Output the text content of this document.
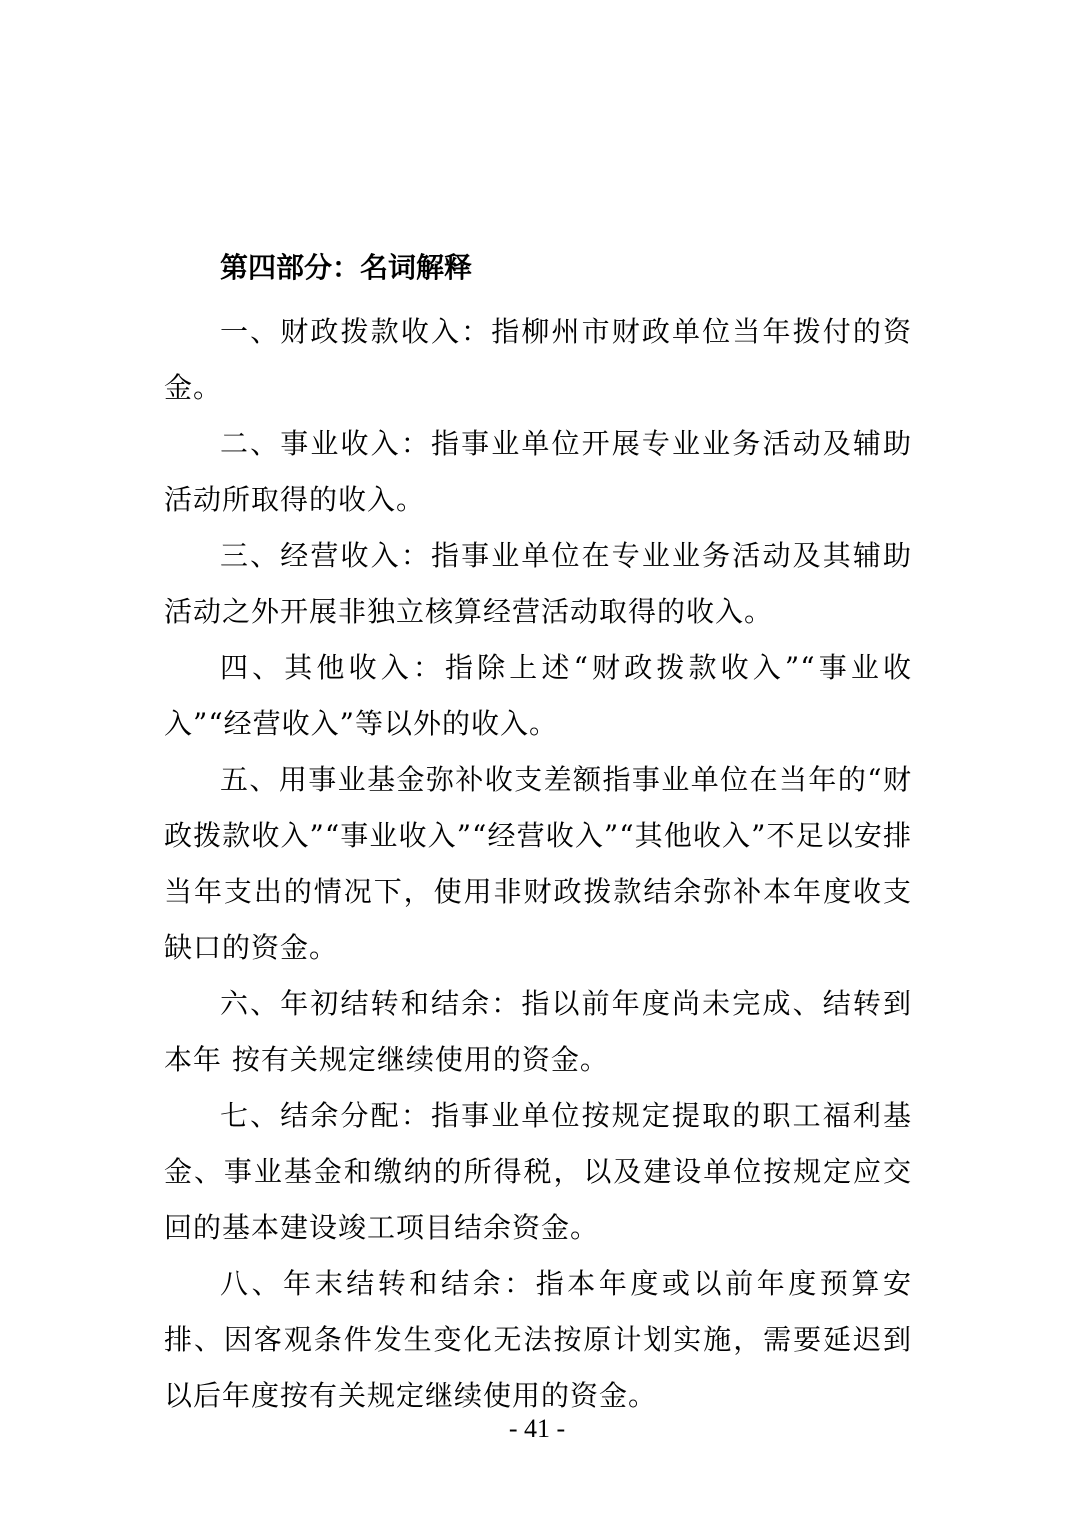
第四部分：名词解释

一、财政拨款收入：指柳州市财政单位当年拨付的资金。

二、事业收入：指事业单位开展专业业务活动及辅助活动所取得的收入。

三、经营收入：指事业单位在专业业务活动及其辅助活动之外开展非独立核算经营活动取得的收入。

四、其他收入：指除上述“财政拨款收入”“事业收入”“经营收入”等以外的收入。

五、用事业基金弥补收支差额指事业单位在当年的“财政拨款收入”“事业收入”“经营收入”“其他收入”不足以安排当年支出的情况下，使用非财政拨款结余弥补本年度收支缺口的资金。

六、年初结转和结余：指以前年度尚未完成、结转到本年 按有关规定继续使用的资金。

七、结余分配：指事业单位按规定提取的职工福利基金、事业基金和缴纳的所得税，以及建设单位按规定应交回的基本建设竣工项目结余资金。

八、年末结转和结余：指本年度或以前年度预算安排、因客观条件发生变化无法按原计划实施，需要延迟到以后年度按有关规定继续使用的资金。

- 41 -
